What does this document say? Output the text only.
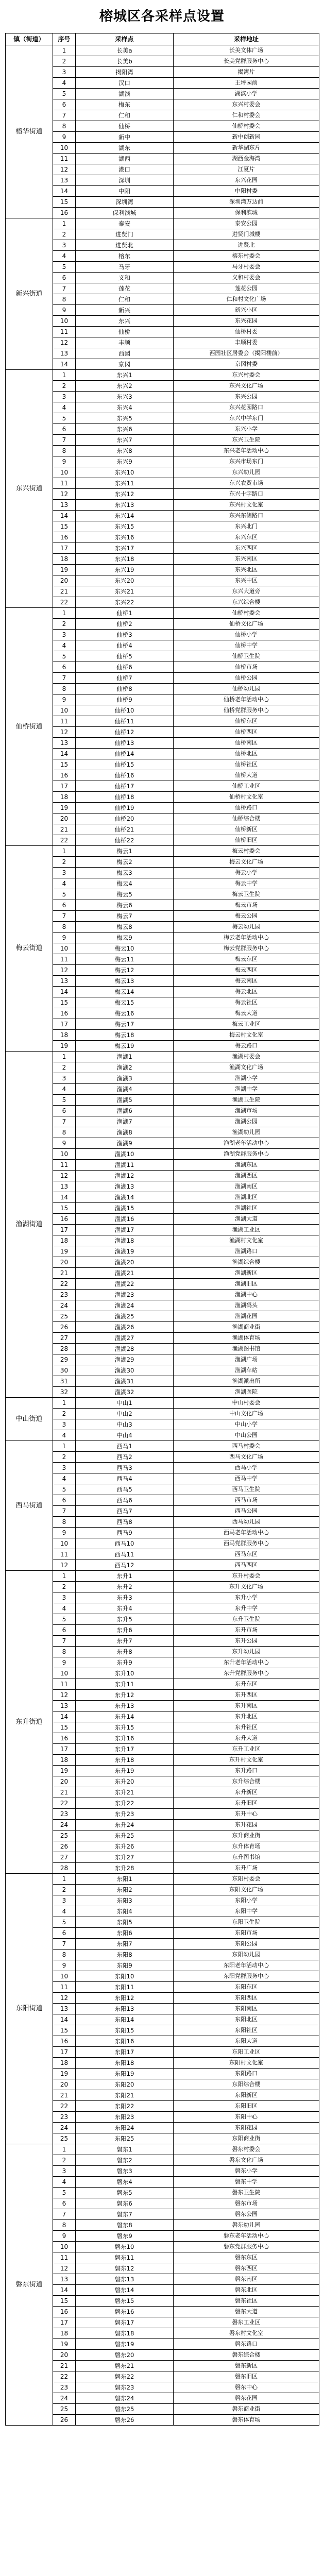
榕城区各采样点设置
镇（街道）	序号	采样点	采样地址
榕华街道	1	长美a	长美文体广场
	2	长美b	长美党群服务中心
	3	揭阳湾	揭湾片
	4	汉口	王坪园前
	5	湖滨	湖滨小学
	6	梅东	东兴村委会
	7	仁和	仁和村委会
	8	仙桥	仙桥村委会
	9	新中	新中创新园
	10	湖东	新华湖东片
	11	湖西	湖西金海湾
	12	港口	江夏片
	13	深圳	东兴花园
	14	中阳	中阳村委
	15	深圳湾	深圳湾万达前
	16	保利滨城	保利滨城
新兴街道	1	泰安	泰安公园
	2	进贤门	进贤门城楼
	3	进贤北	进贤北
	4	榕东	榕东村委会
	5	马牙	马牙村委会
	6	义和	义和村委会
	7	莲花	莲花公园
	8	仁和	仁和村文化广场
	9	新兴	新兴小区
	10	东兴	东兴花园
	11	仙桥	仙桥村委
	12	丰顺	丰顺村委
	13	西园	西园社区居委会（揭阳楼前）
	14	京冈	京冈村委
东兴街道	1	东兴1	东兴村委会
	2	东兴2	东兴文化广场
	3	东兴3	东兴公园
	4	东兴4	东兴花园路口
	5	东兴5	东兴中学东门
	6	东兴6	东兴小学
	7	东兴7	东兴卫生院
	8	东兴8	东兴老年活动中心
	9	东兴9	东兴市场东门
	10	东兴10	东兴幼儿园
	11	东兴11	东兴农贸市场
	12	东兴12	东兴十字路口
	13	东兴13	东兴村文化室
	14	东兴14	东兴东侧路口
	15	东兴15	东兴北门
	16	东兴16	东兴东区
	17	东兴17	东兴西区
	18	东兴18	东兴南区
	19	东兴19	东兴北区
	20	东兴20	东兴中区
	21	东兴21	东兴大道旁
	22	东兴22	东兴综合楼
仙桥街道	1	仙桥1	仙桥村委会
	2	仙桥2	仙桥文化广场
	3	仙桥3	仙桥小学
	4	仙桥4	仙桥中学
	5	仙桥5	仙桥卫生院
	6	仙桥6	仙桥市场
	7	仙桥7	仙桥公园
	8	仙桥8	仙桥幼儿园
	9	仙桥9	仙桥老年活动中心
	10	仙桥10	仙桥党群服务中心
	11	仙桥11	仙桥东区
	12	仙桥12	仙桥西区
	13	仙桥13	仙桥南区
	14	仙桥14	仙桥北区
	15	仙桥15	仙桥社区
	16	仙桥16	仙桥大道
	17	仙桥17	仙桥工业区
	18	仙桥18	仙桥村文化室
	19	仙桥19	仙桥路口
	20	仙桥20	仙桥综合楼
	21	仙桥21	仙桥新区
	22	仙桥22	仙桥旧区
梅云街道	1	梅云1	梅云村委会
	2	梅云2	梅云文化广场
	3	梅云3	梅云小学
	4	梅云4	梅云中学
	5	梅云5	梅云卫生院
	6	梅云6	梅云市场
	7	梅云7	梅云公园
	8	梅云8	梅云幼儿园
	9	梅云9	梅云老年活动中心
	10	梅云10	梅云党群服务中心
	11	梅云11	梅云东区
	12	梅云12	梅云西区
	13	梅云13	梅云南区
	14	梅云14	梅云北区
	15	梅云15	梅云社区
	16	梅云16	梅云大道
	17	梅云17	梅云工业区
	18	梅云18	梅云村文化室
	19	梅云19	梅云路口
渔湖街道	1	渔湖1	渔湖村委会
	2	渔湖2	渔湖文化广场
	3	渔湖3	渔湖小学
	4	渔湖4	渔湖中学
	5	渔湖5	渔湖卫生院
	6	渔湖6	渔湖市场
	7	渔湖7	渔湖公园
	8	渔湖8	渔湖幼儿园
	9	渔湖9	渔湖老年活动中心
	10	渔湖10	渔湖党群服务中心
	11	渔湖11	渔湖东区
	12	渔湖12	渔湖西区
	13	渔湖13	渔湖南区
	14	渔湖14	渔湖北区
	15	渔湖15	渔湖社区
	16	渔湖16	渔湖大道
	17	渔湖17	渔湖工业区
	18	渔湖18	渔湖村文化室
	19	渔湖19	渔湖路口
	20	渔湖20	渔湖综合楼
	21	渔湖21	渔湖新区
	22	渔湖22	渔湖旧区
	23	渔湖23	渔湖中心
	24	渔湖24	渔湖码头
	25	渔湖25	渔湖花园
	26	渔湖26	渔湖商业街
	27	渔湖27	渔湖体育场
	28	渔湖28	渔湖图书馆
	29	渔湖29	渔湖广场
	30	渔湖30	渔湖车站
	31	渔湖31	渔湖派出所
	32	渔湖32	渔湖医院
中山街道	1	中山1	中山村委会
	2	中山2	中山文化广场
	3	中山3	中山小学
	4	中山4	中山公园
西马街道	1	西马1	西马村委会
	2	西马2	西马文化广场
	3	西马3	西马小学
	4	西马4	西马中学
	5	西马5	西马卫生院
	6	西马6	西马市场
	7	西马7	西马公园
	8	西马8	西马幼儿园
	9	西马9	西马老年活动中心
	10	西马10	西马党群服务中心
	11	西马11	西马东区
	12	西马12	西马西区
东升街道	1	东升1	东升村委会
	2	东升2	东升文化广场
	3	东升3	东升小学
	4	东升4	东升中学
	5	东升5	东升卫生院
	6	东升6	东升市场
	7	东升7	东升公园
	8	东升8	东升幼儿园
	9	东升9	东升老年活动中心
	10	东升10	东升党群服务中心
	11	东升11	东升东区
	12	东升12	东升西区
	13	东升13	东升南区
	14	东升14	东升北区
	15	东升15	东升社区
	16	东升16	东升大道
	17	东升17	东升工业区
	18	东升18	东升村文化室
	19	东升19	东升路口
	20	东升20	东升综合楼
	21	东升21	东升新区
	22	东升22	东升旧区
	23	东升23	东升中心
	24	东升24	东升花园
	25	东升25	东升商业街
	26	东升26	东升体育场
	27	东升27	东升图书馆
	28	东升28	东升广场
东阳街道	1	东阳1	东阳村委会
	2	东阳2	东阳文化广场
	3	东阳3	东阳小学
	4	东阳4	东阳中学
	5	东阳5	东阳卫生院
	6	东阳6	东阳市场
	7	东阳7	东阳公园
	8	东阳8	东阳幼儿园
	9	东阳9	东阳老年活动中心
	10	东阳10	东阳党群服务中心
	11	东阳11	东阳东区
	12	东阳12	东阳西区
	13	东阳13	东阳南区
	14	东阳14	东阳北区
	15	东阳15	东阳社区
	16	东阳16	东阳大道
	17	东阳17	东阳工业区
	18	东阳18	东阳村文化室
	19	东阳19	东阳路口
	20	东阳20	东阳综合楼
	21	东阳21	东阳新区
	22	东阳22	东阳旧区
	23	东阳23	东阳中心
	24	东阳24	东阳花园
	25	东阳25	东阳商业街
磐东街道	1	磐东1	磐东村委会
	2	磐东2	磐东文化广场
	3	磐东3	磐东小学
	4	磐东4	磐东中学
	5	磐东5	磐东卫生院
	6	磐东6	磐东市场
	7	磐东7	磐东公园
	8	磐东8	磐东幼儿园
	9	磐东9	磐东老年活动中心
	10	磐东10	磐东党群服务中心
	11	磐东11	磐东东区
	12	磐东12	磐东西区
	13	磐东13	磐东南区
	14	磐东14	磐东北区
	15	磐东15	磐东社区
	16	磐东16	磐东大道
	17	磐东17	磐东工业区
	18	磐东18	磐东村文化室
	19	磐东19	磐东路口
	20	磐东20	磐东综合楼
	21	磐东21	磐东新区
	22	磐东22	磐东旧区
	23	磐东23	磐东中心
	24	磐东24	磐东花园
	25	磐东25	磐东商业街
	26	磐东26	磐东体育场
